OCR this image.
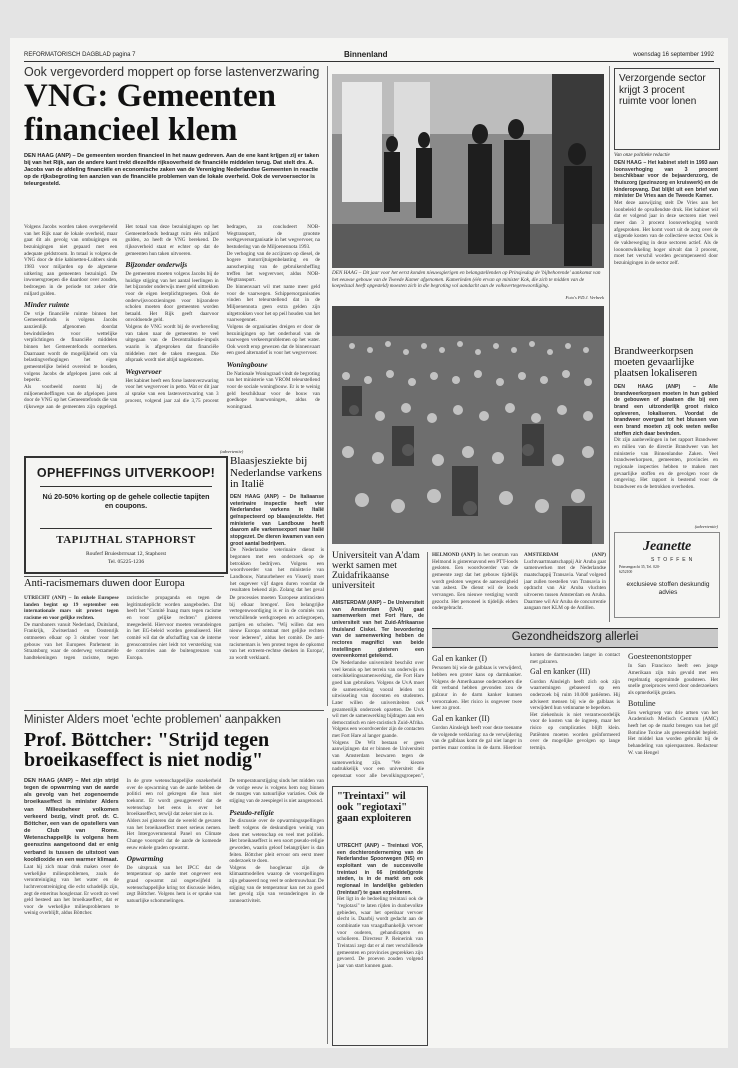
REFORMATORISCH DAGBLAD pagina 7	Binnenland	woensdag 16 september 1992
Ook vergevorderd moppert op forse lastenverzwaring
VNG: Gemeenten financieel klem
DEN HAAG (ANP) – De gemeenten worden financieel in het nauw gedreven. Aan de ene kant krijgen zij er taken bij van het Rijk, aan de andere kant trekt diezelfde rijksoverheid de financiële middelen terug. Dat stelt drs. A. Jacobs van de afdeling financiële en economische zaken van de Vereniging Nederlandse Gemeenten in reactie op de rijksbegroting ten aanzien van de financiële problemen van de lokale overheid. Ook de vervoersector is teleurgesteld.

Volgens Jacobs worden taken overgeheveld van het Rijk naar de lokale overheid, maar gaat dit als gevolg van ombuigingen en bezuinigingen niet gepaard met een adequate geldstroom. In totaal is volgens de VNG door de drie kabinetten-Lubbers sinds 1983 voor miljarden op de algemene uitkering aan gemeenten bezuinigd. De inwonersgroepen die daardoor over zouden, bedroegen in de periode tot zeker drie miljard gulden.

Minder ruimte

De vrije financiële ruimte binnen het Gemeentefonds is volgens Jacobs aanzienlijk afgenomen doordat bewindslieden voor wettelijke verplichtingen de financiële middelen binnen het Gemeentefonds oormerken. Daarnaast wordt de mogelijkheid om via belastingverhogingen het eigen gemeentelijke beleid overeind te houden, volgens Jacobs de afgelopen jaren ook al beperkt.

Als voorbeeld noemt hij de miljoenenheffingen van de afgelopen jaren door de VNG op het Gemeentefonds die van rijkswege aan de gemeenten zijn opgelegd. Het totaal van deze bezuinigingen op het Gemeentefonds bedraagt ruim één miljard gulden, zo heeft de VNG berekend. De rijksoverheid staat er echter op dat de gemeenten hun taken uitvoeren.

Bijzonder onderwijs

De gemeenten moeten volgens Jacobs bij de huidige stijging van het aantal leerlingen in het bijzonder onderwijs meer geld uittrekken voor de eigen leerplichtgroepen. Ook de onderwijsvoorzieningen voor bijzondere scholen moeten door gemeenten worden betaald. Het Rijk geeft daarvoor onvoldoende geld.

Volgens de VNG wordt bij de overheveling van taken naar de gemeenten te veel uitgegaan van de Decentralisatie-impuls waarin is afgesproken dat financiële middelen met de taken meegaan. Die afspraak wordt niet altijd nagekomen.

Wegvervoer

Het kabinet heeft een forse lastenverzwaring voor het wegvervoer in petto. Wat er dit jaar al sprake van een lastenverzwaring van 3 procent, volgend jaar zal die 3,75 procent bedragen, zo concludeert NOB-Wegtransport, de grootste werkgeversorganisatie in het wegvervoer, na bestudering van de Miljoenennota 1993.

De verhoging van de accijnzen op diesel, de hogere motorrijtuigenbelasting en de aanscherping van de gebruikersheffing treffen het wegvervoer, aldus NOB-Wegtransport.

De binnenvaart wil met name meer geld voor de vaarwegen. Schippersorganisaties vinden het teleurstellend dat in de Miljoenennota geen extra gelden zijn uitgetrokken voor het op peil houden van het vaarwegennet.

Volgens de organisaties dreigen er door de bezuinigingen op het onderhoud van de vaarwegen verkeersproblemen op het water. Ook wordt erop gewezen dat de binnenvaart een goed alternatief is voor het wegvervoer.

Woningbouw

De Nationale Woningraad vindt de begroting van het ministerie van VROM teleurstellend voor de sociale woningbouw. Er is te weinig geld beschikbaar voor de bouw van goedkope huurwoningen, aldus de woningraad.

(advertentie)
OPHEFFINGS UITVERKOOP!
Nú 20-50% korting op de gehele collectie tapijten en coupons.
TAPIJTHAL STAPHORST
Rouferf Bruiesbrrrsaat 12, Staphorst
Tel. 05225-1236
Anti-racismemars duwen door Europa

UTRECHT (ANP) – In enkele Europese landen begint op 19 september een internationale mars uit protest tegen racisme en voor gelijke rechten.

De marsbaners vanuit Nederland, Duitsland, Frankrijk, Zwitserland en Oostenrijk ontmoeten elkaar op 3 oktober voor het gebouw van het Europees Parlement in Straatsburg waar de onderweg verzamelde handtekeningen tegen racisme, tegen racistische propaganda en tegen de legitimatieplicht worden aangeboden. Dat heeft het "Comité Inaag mars tegen racisme en voor gelijke rechten" gisteren meegedeeld. Hiervoor moeten verandeingen in het EG-beleid worden gerealiseerd. Het comité wil dat de afschaffing van de interne grenscontroles niet leidt tot versterking van de controles aan de buitengrenzen van Europa.

De processies moeten 'Europese antiracisten bij elkaar brengen'. Een belangrijke vertegenwoordiging is er in de comités van verschillende werkgroepen en actiegroepen, partijen en scholen. "Wij willen dat een nieuw Europa ontstaat met gelijke rechten voor iedereen", aldus het comité. De anti-racismemars is 'een protest tegen de opkomst van het extreem-rechtse denken in Europa', zo wordt verklaard.

Blaasjesziekte bij Nederlandse varkens in Italië

DEN HAAG (ANP) – De Italiaanse veterinaire inspectie heeft vier Nederlandse varkens in Italië geïnspecteerd op blaasjesziekte. Het ministerie van Landbouw heeft daarom alle varkensexport naar Italië stopgezet. De dieren kwamen van een groot aantal bedrijven.

De Nederlandse veterinaire dienst is begonnen met een onderzoek op de betrokken bedrijven. Volgens een woordvoerder van het ministerie van Landbouw, Natuurbeheer en Visserij moet het ongeveer vijf dagen duren voordat de resultaten bekend zijn. Zolang dat het geval

DEN HAAG – Dit jaar voor het eerst konden nieuwsgierigen en belangstellenden op Prinsjesdag de 'bijbehorende' aankomst van het eeuwse gebouw van de Tweede Kamer afgenomen. Kamerleden (één ervan op minister Kok, die zich te midden van de koepelzaal heeft opgesteld) moesten zich in die begroting vol aandacht aan de volksvertegenwoordiging.
Foto's P.D.J. Verbeek
Universiteit van A'dam werkt samen met Zuidafrikaanse universiteit

AMSTERDAM (ANP) – De Universiteit van Amsterdam (UvA) gaat samenwerken met Fort Hare, de universiteit van het Zuid-Afrikaanse thuisland Ciskei. Ter bevordering van de samenwerking hebben de rectores magnifici van beide instellingen gisteren een overeenkomst getekend.

De Nederlandse universiteit beschikt over veel kennis op het terrein van onderwijs en ontwikkelingssamenwerking, die Fort Hare goed kan gebruiken. Volgens de UvA moet de samenwerking vooral leiden tot uitwisseling van docenten en studenten. Later willen de universiteiten ook gezamenlijk onderzoek opzetten. De UvA wil met de samenwerking bijdragen aan een democratisch en niet-racistisch Zuid-Afrika. Volgens een woordvoerder zijn de contacten met Fort Hare al langer gaande.

Volgens De Wit bestaan er geen aanwijzingen dat er binnen de Universiteit van Amsterdam bezwaren tegen de samenwerking zijn. "We kiezen nadrukkelijk voor een universiteit die openstaat voor alle bevolkingsgroepen",

HELMOND (ANP) In het centrum van Helmond is gisterenavond een PTT-loods gesloten. Een woordvoerder van de gemeente zegt dat het gebouw tijdelijk wordt gesloten wegens de aanwezigheid van asbest. De dienst wil de loods vervangen. Een nieuwe vestiging wordt gezocht. Het personeel is tijdelijk elders ondergebracht.
AMSTERDAM (ANP) Luchtvaartmaatschappij Air Aruba gaat samenwerken met de Nederlandse maatschappij Transavia. Vanaf volgend jaar zullen toestellen van Transavia in opdracht van Air Aruba vluchten uitvoeren tussen Amsterdam en Aruba. Daarmee wil Air Aruba de concurrentie aangaan met KLM op de Antillen.
Gezondheidszorg allerlei
Gal en kanker (I)

Personen bij wie de galblaas is verwijderd, hebben een groter kans op darmkanker. Volgens de Amerikaanse onderzoekers die dit verband hebben gevonden zou de galzuur in de darm kanker kunnen veroorzaken. Het risico is ongeveer twee keer zo groot.

Gal en kanker (II)

Gordon Ainsleigh heeft voor deze toename de volgende verklaring: na de verwijdering van de galblaas komt de gal niet langer in porties maar continu in de darm. Hierdoor komen de darmwanden langer in contact met galzuren.

Gal en kanker (III)

Gordon Ainsleigh heeft zich ook zijn waarnemingen gebaseerd op een onderzoek bij ruim 10.000 patiënten. Hij adviseert mensen bij wie de galblaas is verwijderd hun vetinname te beperken.

Het ziekenhuis is niet verantwoordelijk voor de kosten van de ingreep, maar het risico op complicaties blijft klein. Patiënten moeten worden geïnformeerd over de mogelijke gevolgen op lange termijn.

Goesteenontstopper

In San Francisco heeft een jonge Amerikaan zijn tuin gevuld met een regelmatig opgeruimde goudsteen. Het snelle groeiproces werd door onderzoekers als opmerkelijk gezien.

Botuline

Een werkgroep van drie artsen van het Academisch Medisch Centrum (AMC) heeft het op de markt brengen van het gif Botuline Toxine als geneesmiddel bepleit. Het middel kan worden gebruikt bij de behandeling van spierspasmen. Redacteur W. van Hengel

"Treintaxi" wil ook "regiotaxi" gaan exploiteren

UTRECHT (ANP) – Treintaxi VOF, een dochteronderneming van de Nederlandse Spoorwegen (NS) en exploitant van de succesvolle treintaxi in 66 (middel)grote steden, is in de markt om ook regionaal in landelijke gebieden (treintaxi') te gaan exploiteren.

Het ligt in de bedoeling treintaxi ook de "regiotaxi" te laten rijden in dunbevolkte gebieden, waar het openbaar vervoer slecht is. Daarbij wordt gedacht aan de combinatie van vraagafhankelijk vervoer voor ouderen, gehandicapten en scholieren. Directeur P. Reinerink van Treintaxi zegt dat er al met verschillende gemeenten en provincies gesprekken zijn gevoerd. De proeven zouden volgend jaar van start kunnen gaan.

Minister Alders moet 'echte problemen' aanpakken
Prof. Böttcher: "Strijd tegen broeikaseffect is niet nodig"

DEN HAAG (ANP) – Met zijn strijd tegen de opwarming van de aarde als gevolg van het zogenoemde broeikaseffect is minister Alders van Milieubeheer volkomen verkeerd bezig, vindt prof. dr. C. Böttcher, een van de opstellers van de Club van Rome. Wetenschappelijk is volgens hem geenszins aangetoond dat er enig verband is tussen de uitstoot van kooldioxide en een warmer klimaat.

Laat hij zich maar druk maken over de werkelijke milieuproblemen, zoals de verontreiniging van het water en de luchtverontreiniging die echt schadelijk zijn, zegt de emeritus hoogleraar. Er wordt zo veel geld besteed aan het broeikaseffect, dat er voor de werkelijke milieuproblemen te weinig overblijft, aldus Böttcher.

In de grote wetenschappelijke onzekerheid over de opwarming van de aarde hebben de politici een rol gekregen die hun niet toekomt. Er wordt gesuggereerd dat de wetenschap het eens is over het broeikaseffect, terwijl dat zeker niet zo is.

Alders zei gisteren dat de wereld de gevaren van het broeikaseffect moet serieus nemen. Het Intergovernmental Panel on Climate Change voorspelt dat de aarde de komende eeuw enkele graden opwarmt.

Opwarming

De uitspraak van het IPCC dat de temperatuur op aarde met ongeveer een graad opwarmt zal ongetwijfeld in wetenschappelijke kring tot discussie leiden, zegt Böttcher. Volgens hem is er sprake van natuurlijke schommelingen.

De temperatuurstijging sinds het midden van de vorige eeuw is volgens hem nog binnen de marges van natuurlijke variaties. Ook de stijging van de zeespiegel is niet aangetoond.

Pseudo-religie

De discussie over de opwarmingsspellingen heeft volgens de deskundigen weinig van doen met wetenschap en veel met politiek. Het broeikaseffect is een soort pseudo-religie geworden, waarin geloof belangrijker is dan feiten. Böttcher pleit ervoor om eerst meer onderzoek te doen.

Volgens de hoogleraar zijn de klimaatmodellen waarop de voorspellingen zijn gebaseerd nog veel te onbetrouwbaar. De stijging van de temperatuur kan net zo goed het gevolg zijn van veranderingen in de zonneactiviteit.

Verzorgende sector krijgt 3 procent ruimte voor lonen
Van onze politieke redactie

DEN HAAG – Het kabinet stelt in 1993 aan loonsverhoging van 3 procent beschikbaar voor de bejaardenzorg, de thuiszorg (gezinszorg en kruiswerk) en de kinderopvang. Dat blijkt uit een brief van minister De Vries aan de Tweede Kamer.

Met deze aanwijzing stelt De Vries aan het loonbeleid de opvallendste druk. Het kabinet wil dat er volgend jaar in deze sectoren niet veel meer dan 3 procent loonsverhoging wordt afgesproken. Het komt voort uit de zorg over de stijgende kosten van de collectieve sector. Ook is de vakbeweging in deze sectoren actief. Als de loonontwikkeling hoger uitvalt dan 3 procent, moet het verschil worden gecompenseerd door bezuinigingen in de sector zelf.

Brandweerkorpsen moeten gevaarlijke plaatsen lokaliseren

DEN HAAG (ANP) – Alle brandweerkorpsen moeten in hun gebied de gebouwen of plaatsen die bij een brand een uitzonderlijk groot risico opleveren, lokaliseren. Voordat de brandweer overgaat tot het blussen van een brand moeten zij ook weten welke stoffen zich daar bevinden.

Dit zijn aanbevelingen in het rapport Brandweer en milieu van de directie Brandweer van het ministerie van Binnenlandse Zaken. Veel brandweerkorpsen, gemeenten, provincies en regionale inspecties hebben te maken met gevaarlijke stoffen en de gevolgen voor de omgeving. Het rapport is bestemd voor de brandweer en de betrokken overheden.

(advertentie)
Jeanette
STOFFEN
Prinsengracht 35, Tel. 020-6252100
exclusieve stoffen deskundig advies
